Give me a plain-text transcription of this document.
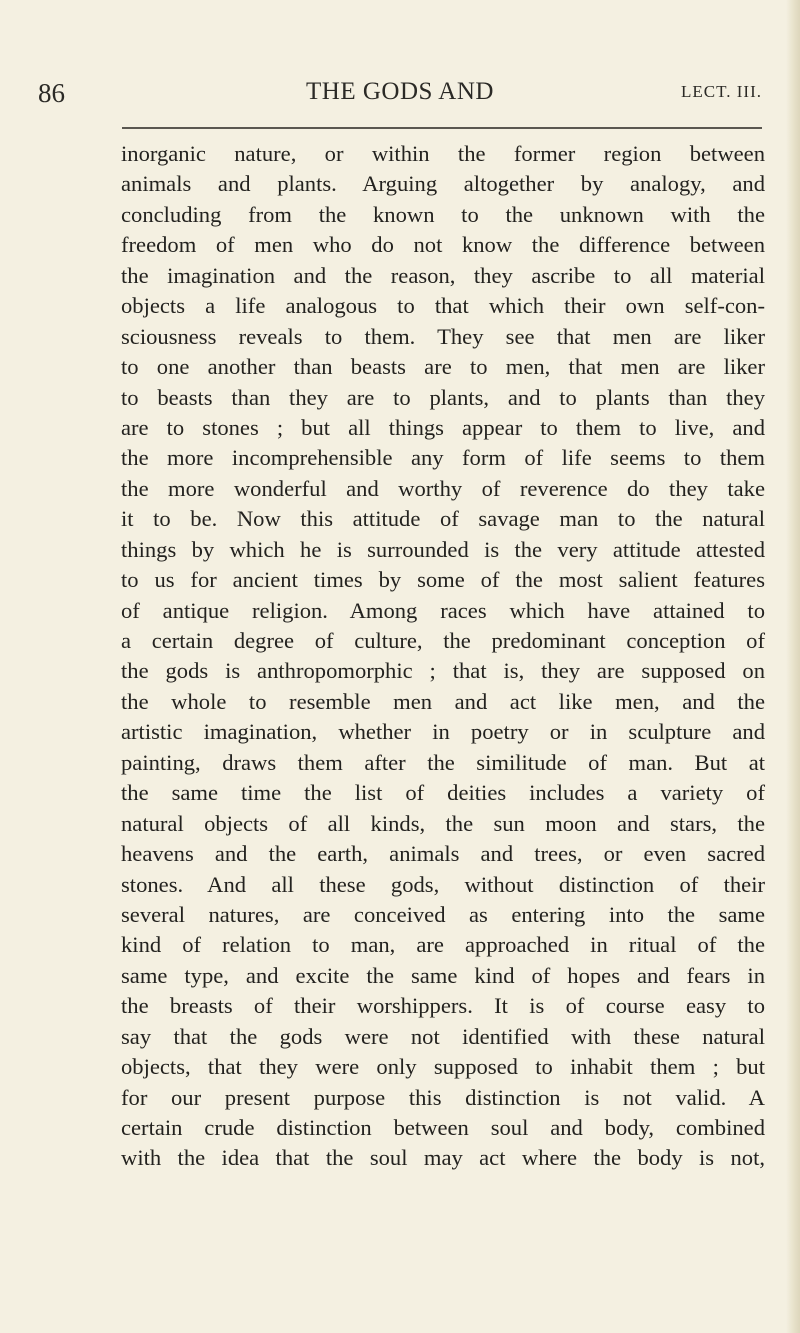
86	THE GODS AND	LECT. III.
inorganic nature, or within the former region between
animals and plants. Arguing altogether by analogy, and
concluding from the known to the unknown with the
freedom of men who do not know the difference between
the imagination and the reason, they ascribe to all material
objects a life analogous to that which their own self-con-
sciousness reveals to them. They see that men are liker
to one another than beasts are to men, that men are liker
to beasts than they are to plants, and to plants than they
are to stones ; but all things appear to them to live, and
the more incomprehensible any form of life seems to them
the more wonderful and worthy of reverence do they take
it to be. Now this attitude of savage man to the natural
things by which he is surrounded is the very attitude attested
to us for ancient times by some of the most salient features
of antique religion. Among races which have attained to
a certain degree of culture, the predominant conception of
the gods is anthropomorphic ; that is, they are supposed on
the whole to resemble men and act like men, and the
artistic imagination, whether in poetry or in sculpture and
painting, draws them after the similitude of man. But at
the same time the list of deities includes a variety of
natural objects of all kinds, the sun moon and stars, the
heavens and the earth, animals and trees, or even sacred
stones. And all these gods, without distinction of their
several natures, are conceived as entering into the same
kind of relation to man, are approached in ritual of the
same type, and excite the same kind of hopes and fears in
the breasts of their worshippers. It is of course easy to
say that the gods were not identified with these natural
objects, that they were only supposed to inhabit them ; but
for our present purpose this distinction is not valid. A
certain crude distinction between soul and body, combined
with the idea that the soul may act where the body is not,
